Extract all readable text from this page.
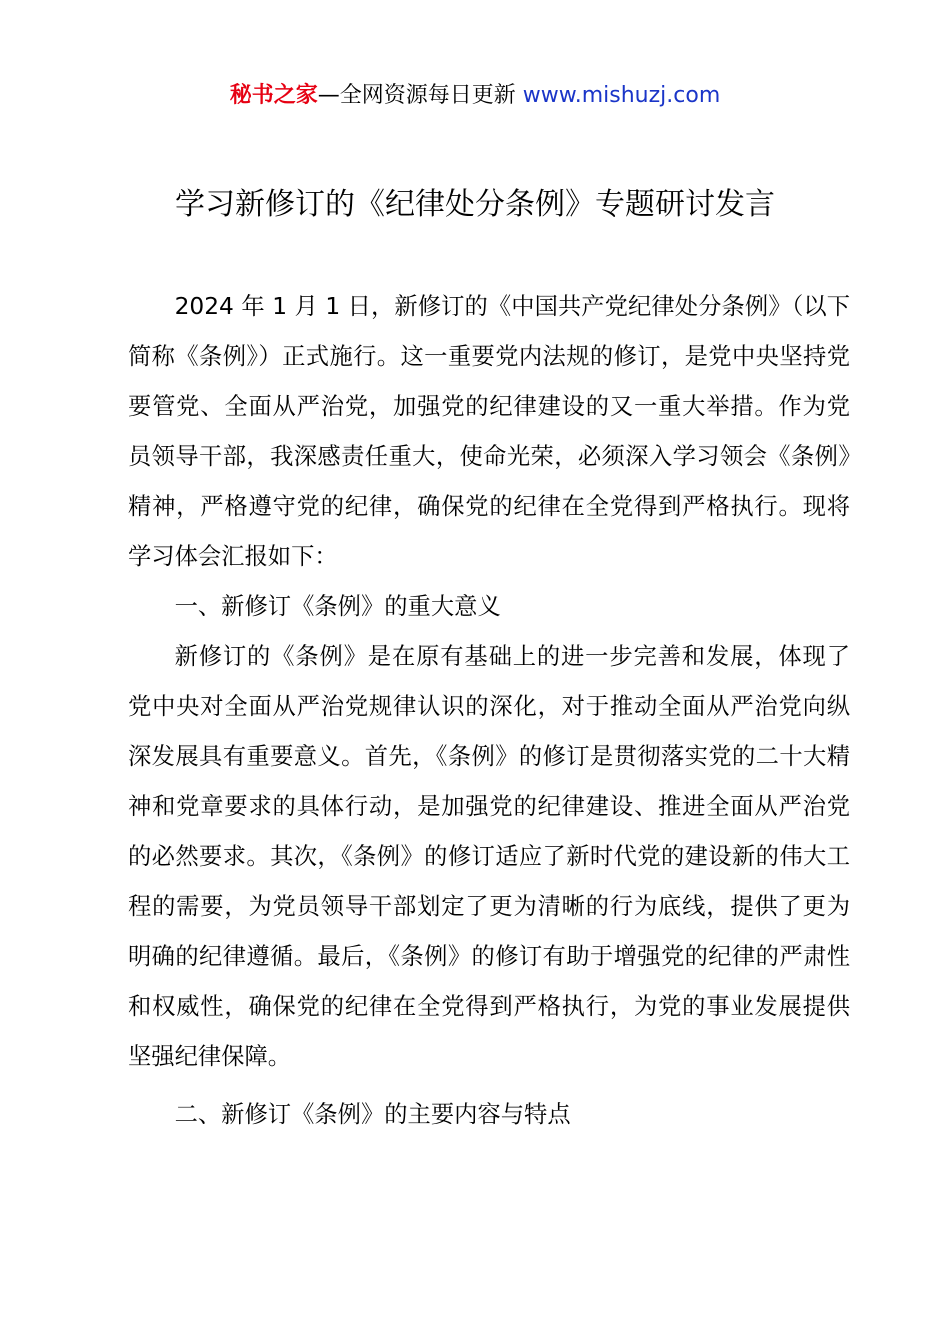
秘书之家—全网资源每日更新 www.mishuzj.com
学习新修订的《纪律处分条例》专题研讨发言

2024 年 1 月 1 日，新修订的《中国共产党纪律处分条例》（以下简称《条例》）正式施行。这一重要党内法规的修订，是党中央坚持党要管党、全面从严治党，加强党的纪律建设的又一重大举措。作为党员领导干部，我深感责任重大，使命光荣，必须深入学习领会《条例》精神，严格遵守党的纪律，确保党的纪律在全党得到严格执行。现将学习体会汇报如下：

一、新修订《条例》的重大意义

新修订的《条例》是在原有基础上的进一步完善和发展，体现了党中央对全面从严治党规律认识的深化，对于推动全面从严治党向纵深发展具有重要意义。首先，《条例》的修订是贯彻落实党的二十大精神和党章要求的具体行动，是加强党的纪律建设、推进全面从严治党的必然要求。其次，《条例》的修订适应了新时代党的建设新的伟大工程的需要，为党员领导干部划定了更为清晰的行为底线，提供了更为明确的纪律遵循。最后，《条例》的修订有助于增强党的纪律的严肃性和权威性，确保党的纪律在全党得到严格执行，为党的事业发展提供坚强纪律保障。

二、新修订《条例》的主要内容与特点
